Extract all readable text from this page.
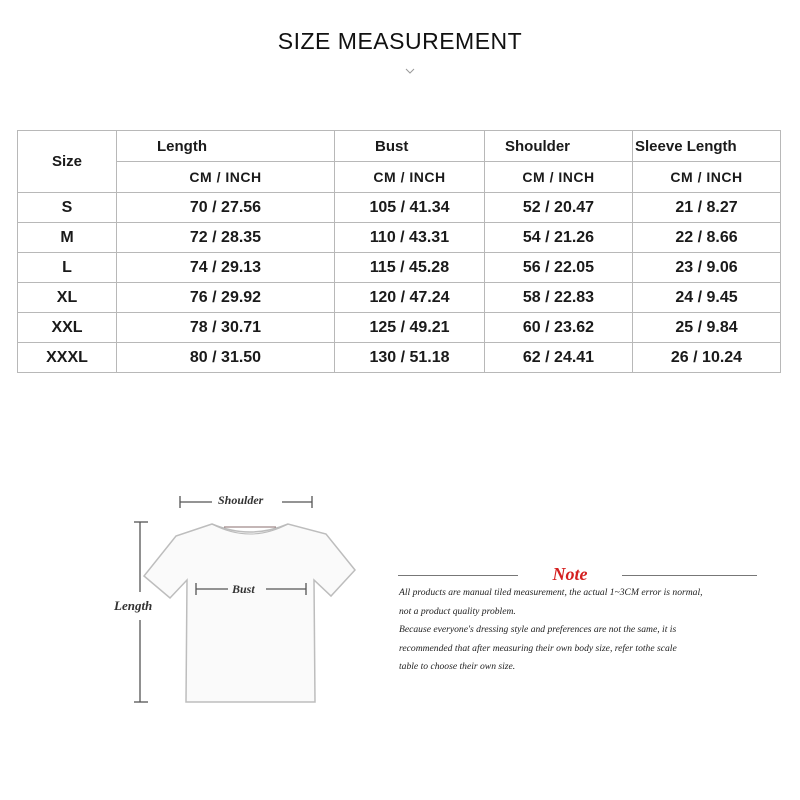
SIZE MEASUREMENT
Size	Length	Bust	Shoulder	Sleeve Length
	CM / INCH	CM / INCH	CM / INCH	CM / INCH
S	70 / 27.56	105 / 41.34	52 / 20.47	21 / 8.27
M	72 / 28.35	110 / 43.31	54 / 21.26	22 / 8.66
L	74 / 29.13	115 / 45.28	56 / 22.05	23 / 9.06
XL	76 / 29.92	120 / 47.24	58 / 22.83	24 / 9.45
XXL	78 / 30.71	125 / 49.21	60 / 23.62	25 / 9.84
XXXL	80 / 31.50	130 / 51.18	62 / 24.41	26 / 10.24
Shoulder
Bust
Length
Note

All products are manual tiled measurement, the actual 1~3CM error is normal,

not a product quality problem.

Because everyone's dressing style and preferences are not the same, it is

recommended that after measuring their own body size, refer tothe scale

table to choose their own size.
